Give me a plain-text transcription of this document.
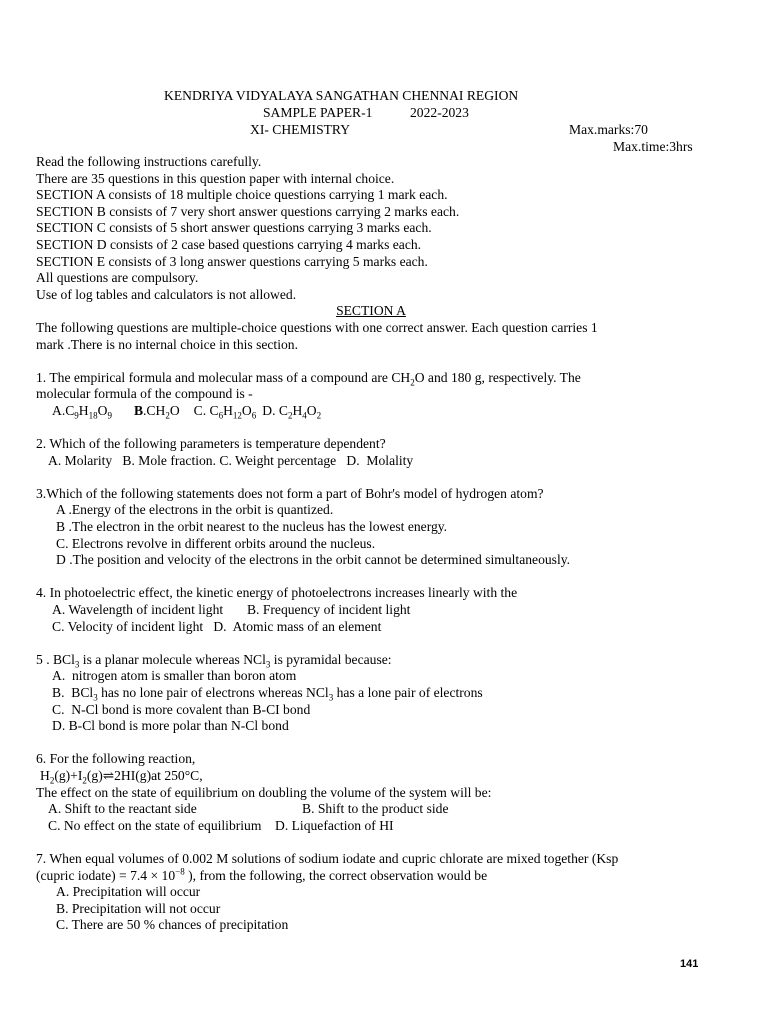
KENDRIYA VIDYALAYA SANGATHAN CHENNAI REGION
SAMPLE PAPER-1	2022-2023
XI- CHEMISTRY	Max.marks:70
Max.time:3hrs
Read the following instructions carefully.
There are 35 questions in this question paper with internal choice.
SECTION A consists of 18 multiple choice questions carrying 1 mark each.
SECTION B consists of 7 very short answer questions carrying 2 marks each.
SECTION C consists of 5 short answer questions carrying 3 marks each.
SECTION D consists of 2 case based questions carrying 4 marks each.
SECTION E consists of 3 long answer questions carrying 5 marks each.
All questions are compulsory.
Use of log tables and calculators is not allowed.
SECTION A
The following questions are multiple-choice questions with one correct answer. Each question carries 1
mark .There is no internal choice in this section.
1. The empirical formula and molecular mass of a compound are $CH_2O$ and 180 g, respectively. The
molecular formula of the compound is -
$A.C_9H_{18}O_9$ $B.CH_2O$ C. $C_6H_{12}O_6$ D. $C_2H_4O_2$
2. Which of the following parameters is temperature dependent?
A. Molarity   B. Mole fraction. C. Weight percentage   D.  Molality
3.Which of the following statements does not form a part of Bohr's model of hydrogen atom?
A .Energy of the electrons in the orbit is quantized.
B .The electron in the orbit nearest to the nucleus has the lowest energy.
C. Electrons revolve in different orbits around the nucleus.
D .The position and velocity of the electrons in the orbit cannot be determined simultaneously.
4. In photoelectric effect, the kinetic energy of photoelectrons increases linearly with the
A. Wavelength of incident light       B. Frequency of incident light
C. Velocity of incident light   D.  Atomic mass of an element
5 . BCl$_3$ is a planar molecule whereas NCl$_3$ is pyramidal because:
A.  nitrogen atom is smaller than boron atom
B.  BCl$_3$ has no lone pair of electrons whereas NCl$_3$ has a lone pair of electrons
C.  N-Cl bond is more covalent than B-CI bond
D. B-Cl bond is more polar than N-Cl bond
6. For the following reaction,
$H_2(g)+I_2(g)\rightleftharpoons 2HI(g)at$ 250°C,
The effect on the state of equilibrium on doubling the volume of the system will be:
A. Shift to the reactant side	B. Shift to the product side
C. No effect on the state of equilibrium    D. Liquefaction of HI
7. When equal volumes of 0.002 M solutions of sodium iodate and cupric chlorate are mixed together (Ksp
(cupric iodate) = $7.4 \times 10^{-8}$ ), from the following, the correct observation would be
A. Precipitation will occur
B. Precipitation will not occur
C. There are 50 % chances of precipitation
141
